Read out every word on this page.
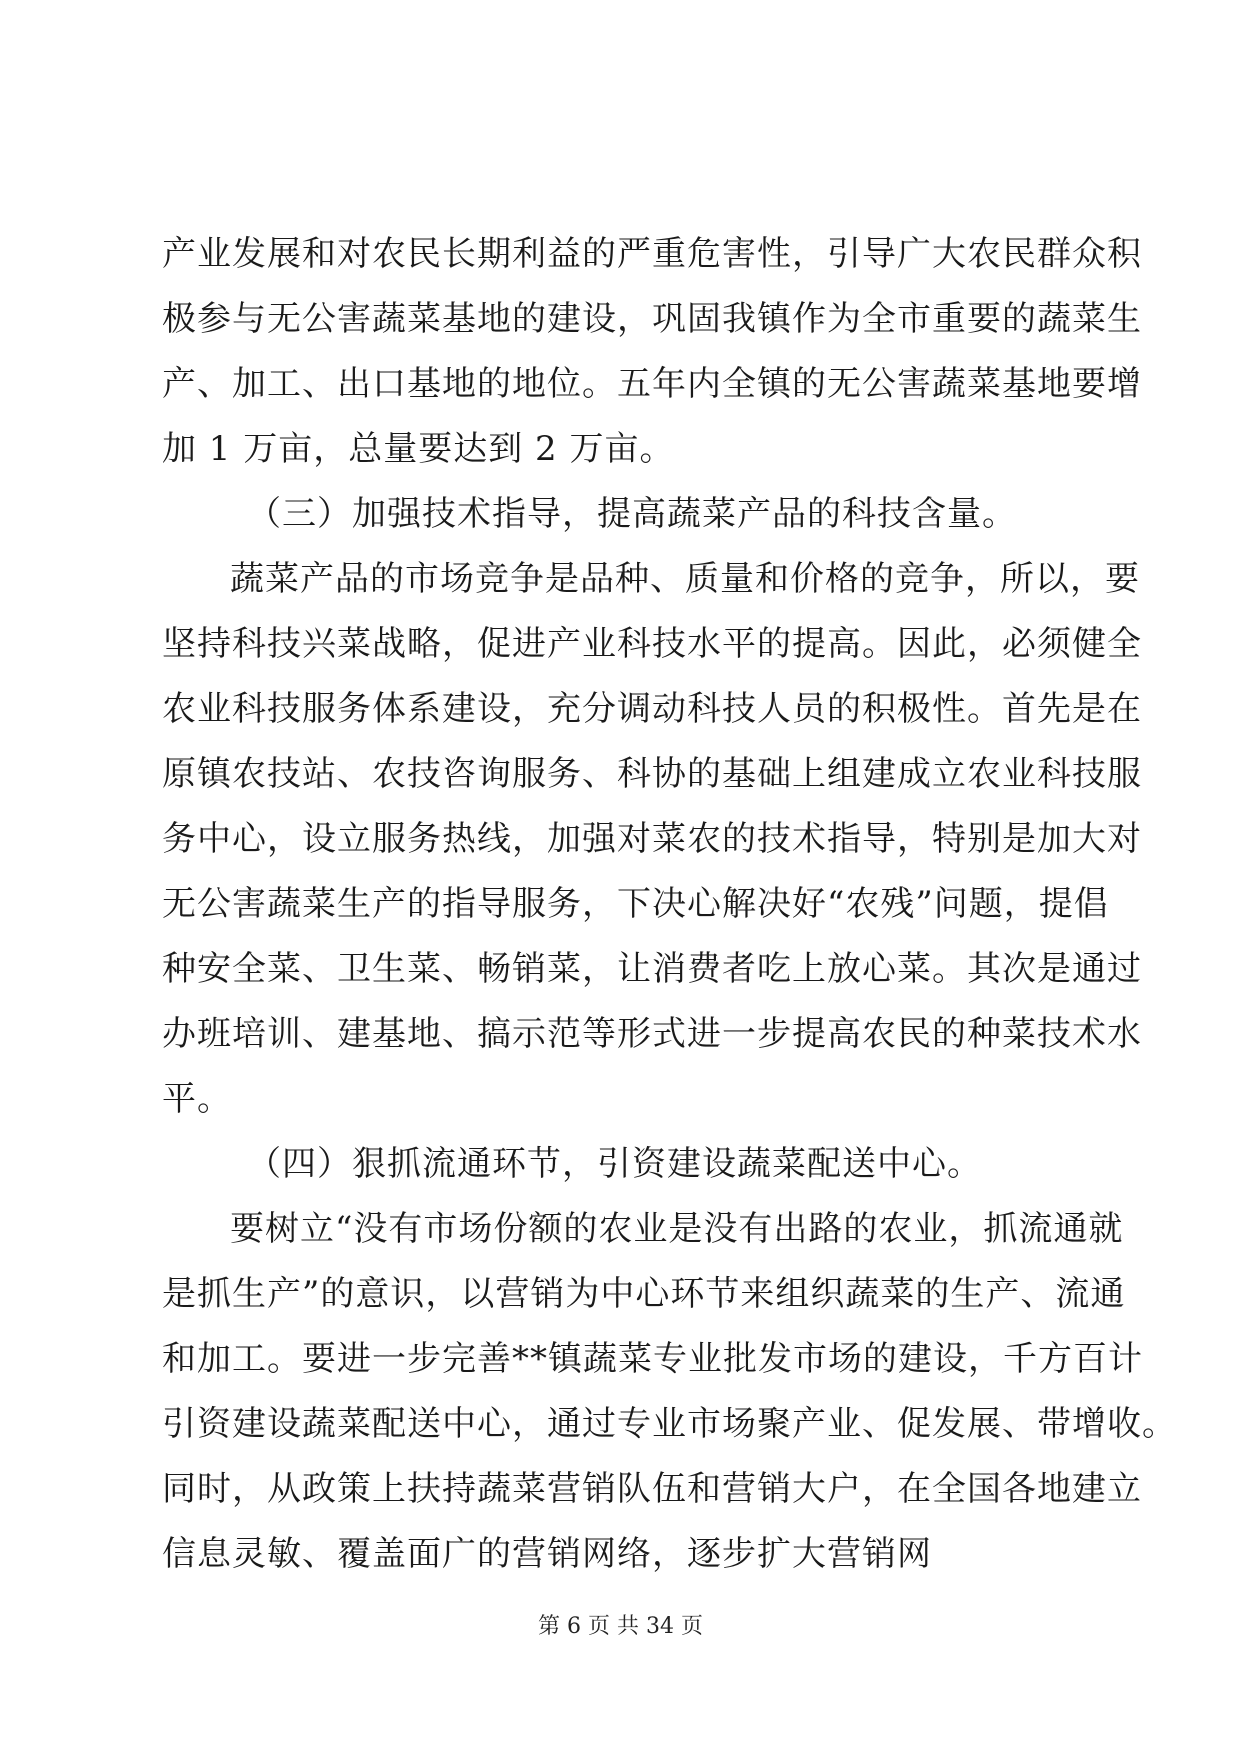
产业发展和对农民长期利益的严重危害性，引导广大农民群众积
极参与无公害蔬菜基地的建设，巩固我镇作为全市重要的蔬菜生
产、加工、出口基地的地位。五年内全镇的无公害蔬菜基地要增
加 1 万亩，总量要达到 2 万亩。
（三）加强技术指导，提高蔬菜产品的科技含量。
蔬菜产品的市场竞争是品种、质量和价格的竞争，所以，要
坚持科技兴菜战略，促进产业科技水平的提高。因此，必须健全
农业科技服务体系建设，充分调动科技人员的积极性。首先是在
原镇农技站、农技咨询服务、科协的基础上组建成立农业科技服
务中心，设立服务热线，加强对菜农的技术指导，特别是加大对
无公害蔬菜生产的指导服务，下决心解决好“农残”问题，提倡
种安全菜、卫生菜、畅销菜，让消费者吃上放心菜。其次是通过
办班培训、建基地、搞示范等形式进一步提高农民的种菜技术水
平。
（四）狠抓流通环节，引资建设蔬菜配送中心。
要树立“没有市场份额的农业是没有出路的农业，抓流通就
是抓生产”的意识，以营销为中心环节来组织蔬菜的生产、流通
和加工。要进一步完善**镇蔬菜专业批发市场的建设，千方百计
引资建设蔬菜配送中心，通过专业市场聚产业、促发展、带增收。
同时，从政策上扶持蔬菜营销队伍和营销大户，在全国各地建立
信息灵敏、覆盖面广的营销网络，逐步扩大营销网
第 6 页 共 34 页
